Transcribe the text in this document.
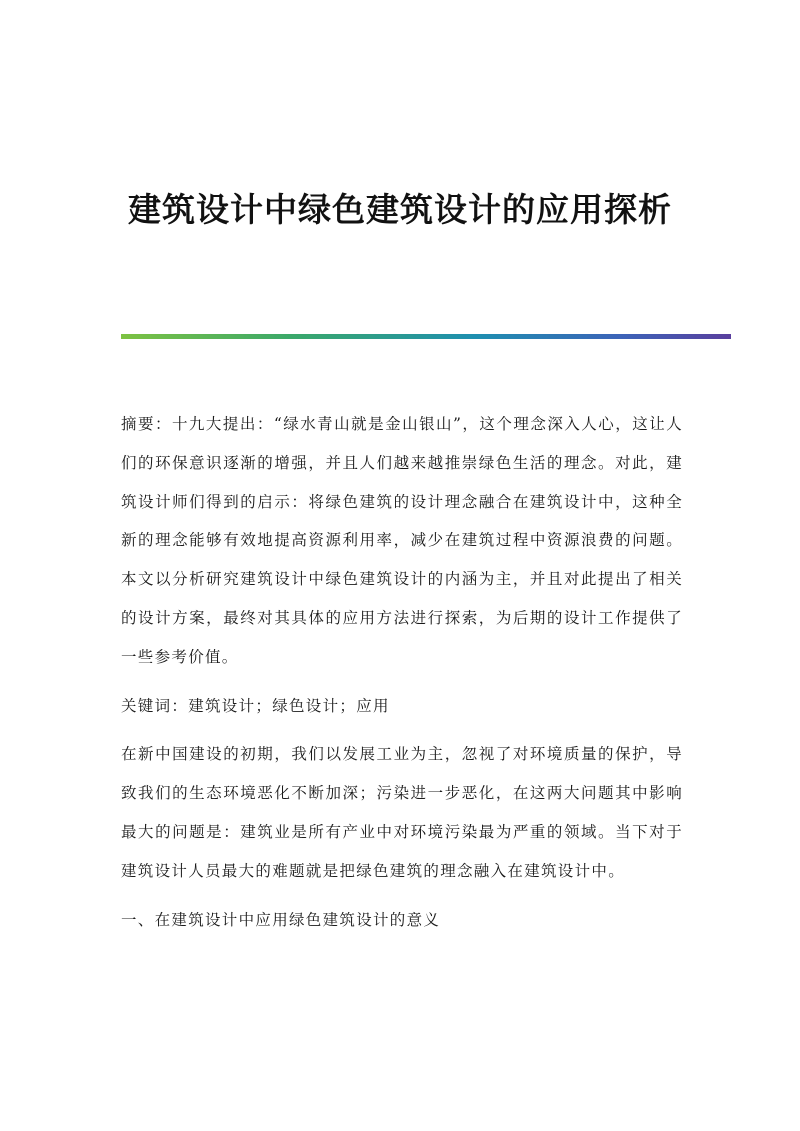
建筑设计中绿色建筑设计的应用探析

摘要：十九大提出：“绿水青山就是金山银山”，这个理念深入人心，这让人们的环保意识逐渐的增强，并且人们越来越推崇绿色生活的理念。对此，建筑设计师们得到的启示：将绿色建筑的设计理念融合在建筑设计中，这种全新的理念能够有效地提高资源利用率，减少在建筑过程中资源浪费的问题。本文以分析研究建筑设计中绿色建筑设计的内涵为主，并且对此提出了相关的设计方案，最终对其具体的应用方法进行探索，为后期的设计工作提供了一些参考价值。

关键词：建筑设计；绿色设计；应用

在新中国建设的初期，我们以发展工业为主，忽视了对环境质量的保护，导致我们的生态环境恶化不断加深；污染进一步恶化，在这两大问题其中影响最大的问题是：建筑业是所有产业中对环境污染最为严重的领域。当下对于建筑设计人员最大的难题就是把绿色建筑的理念融入在建筑设计中。

一、在建筑设计中应用绿色建筑设计的意义
